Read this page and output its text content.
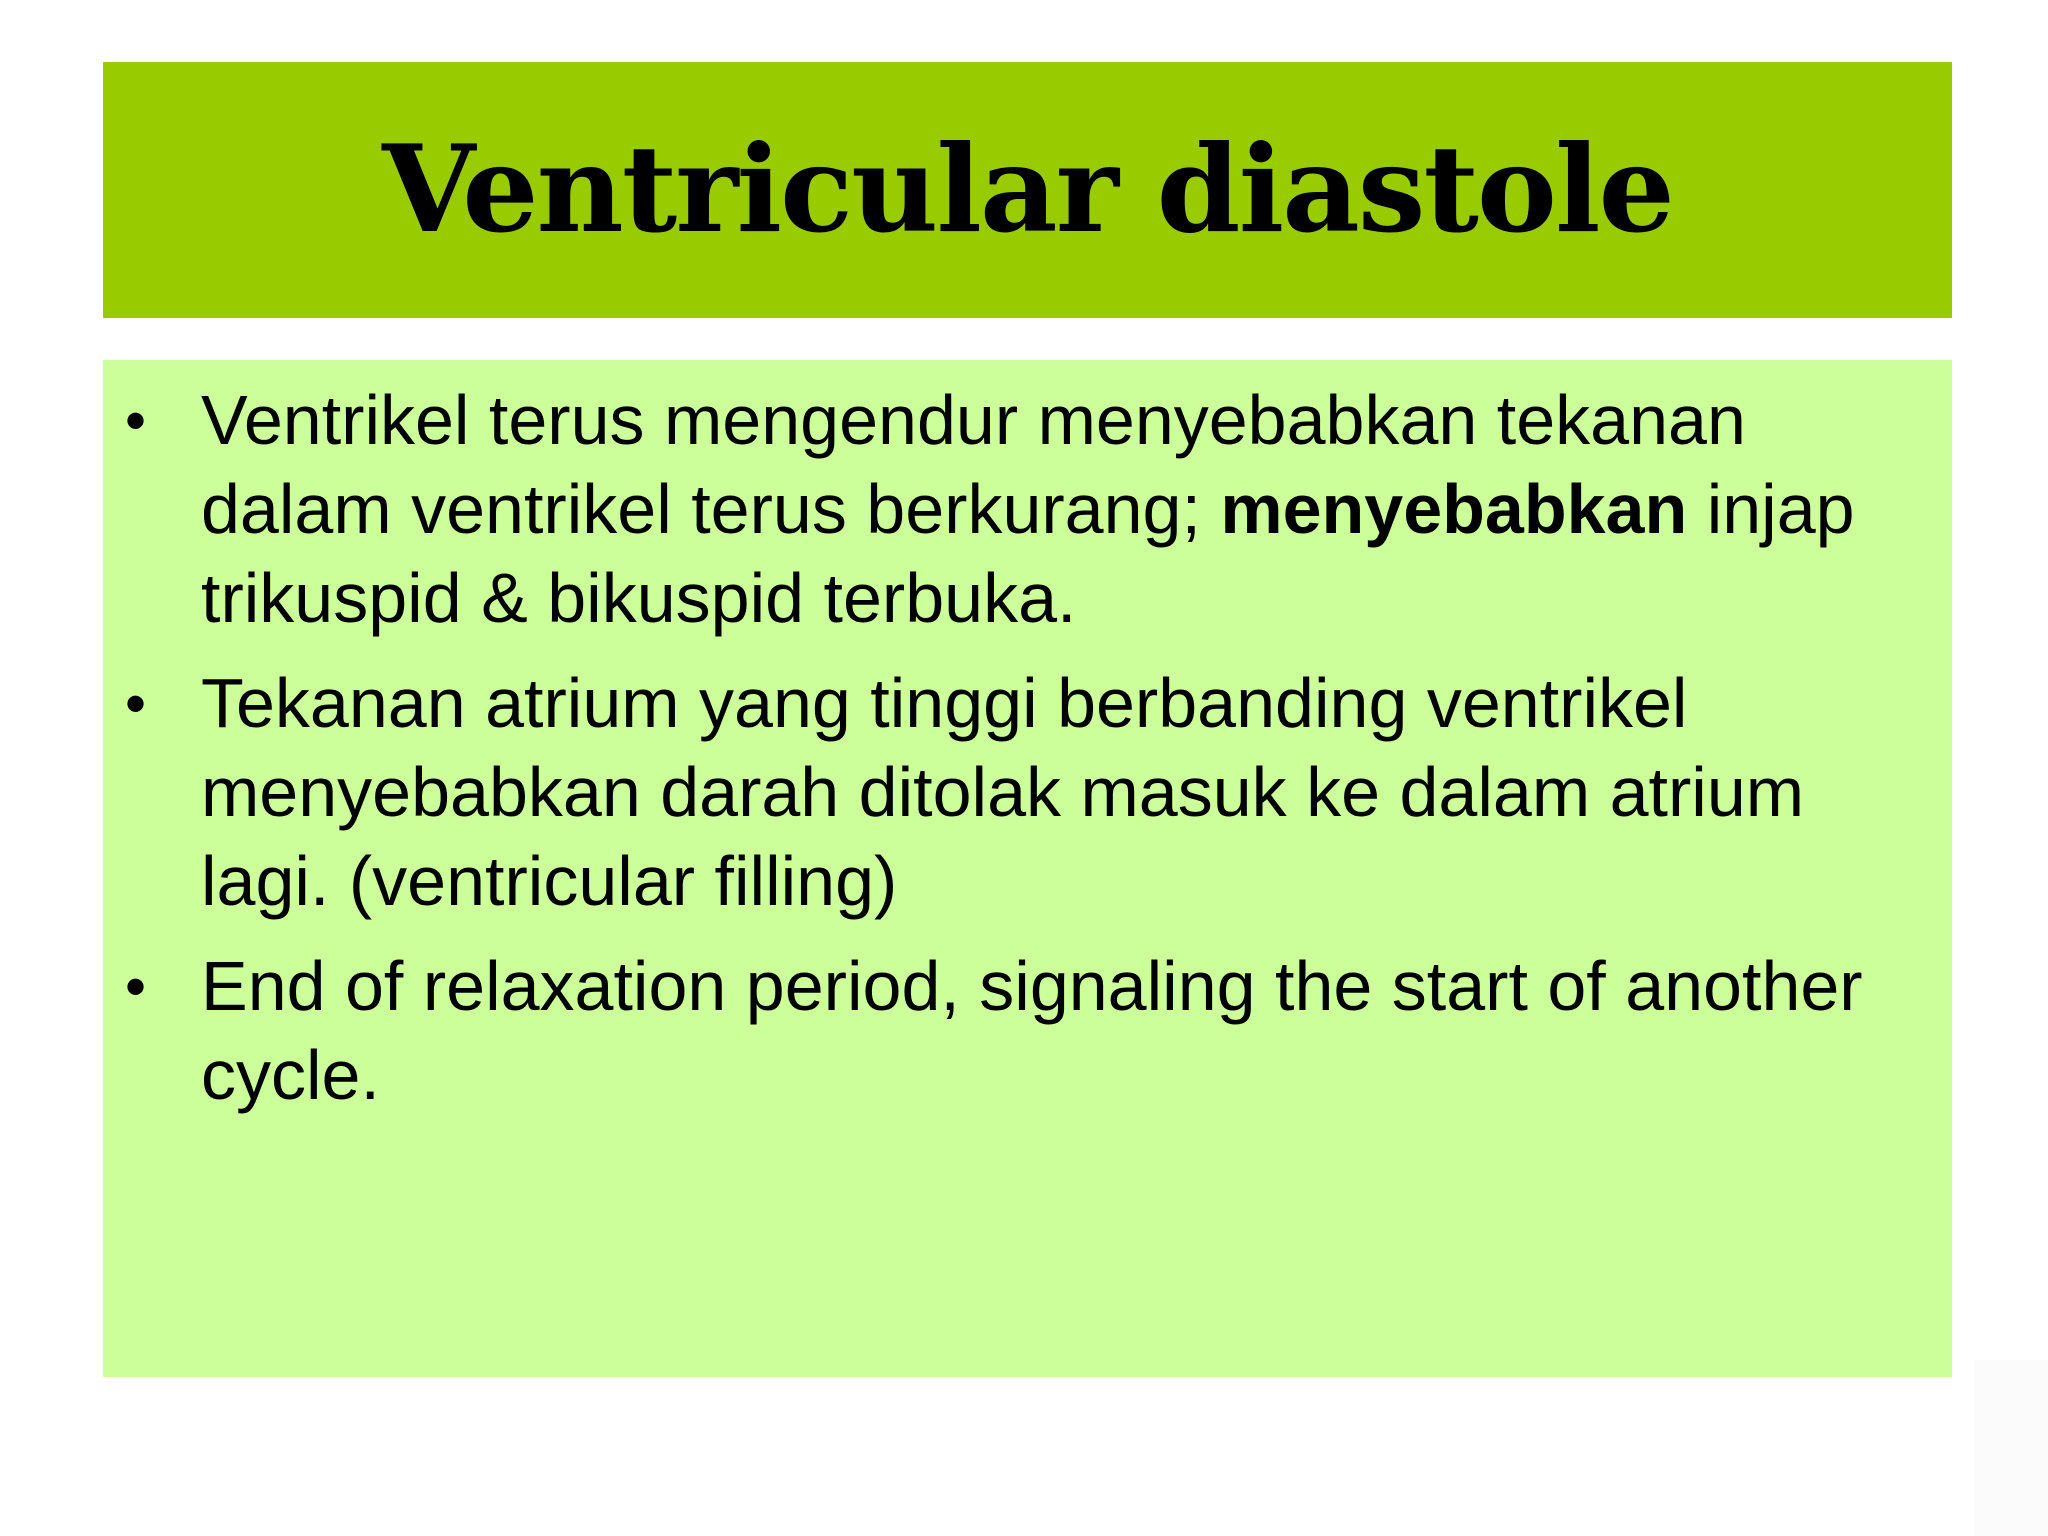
Ventricular diastole
• Ventrikel terus mengendur menyebabkan tekanan dalam ventrikel terus berkurang; menyebabkan injap trikuspid & bikuspid terbuka.
• Tekanan atrium yang tinggi berbanding ventrikel menyebabkan darah ditolak masuk ke dalam atrium lagi. (ventricular filling)
• End of relaxation period, signaling the start of another cycle.
